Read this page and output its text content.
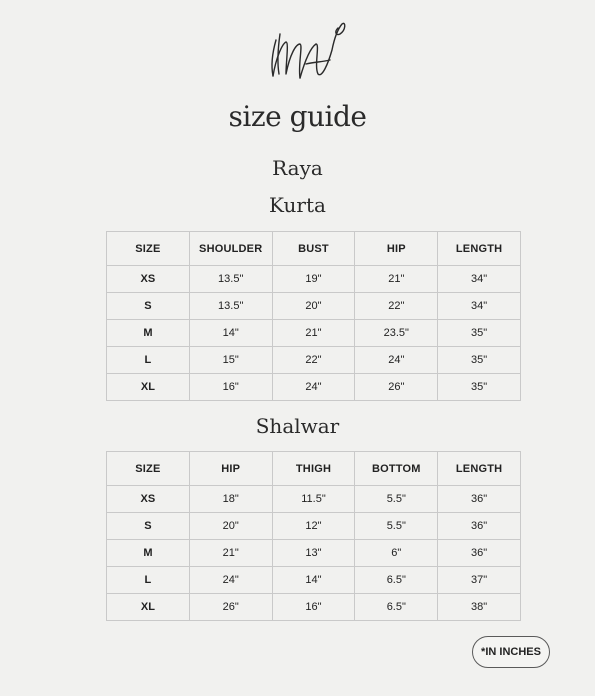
size guide
Raya
Kurta
SIZE	SHOULDER	BUST	HIP	LENGTH
XS	13.5"	19"	21"	34"
S	13.5"	20"	22"	34"
M	14"	21"	23.5"	35"
L	15"	22"	24"	35"
XL	16"	24"	26"	35"
Shalwar
SIZE	HIP	THIGH	BOTTOM	LENGTH
XS	18"	11.5"	5.5"	36"
S	20"	12"	5.5"	36"
M	21"	13"	6"	36"
L	24"	14"	6.5"	37"
XL	26"	16"	6.5"	38"
*IN INCHES
